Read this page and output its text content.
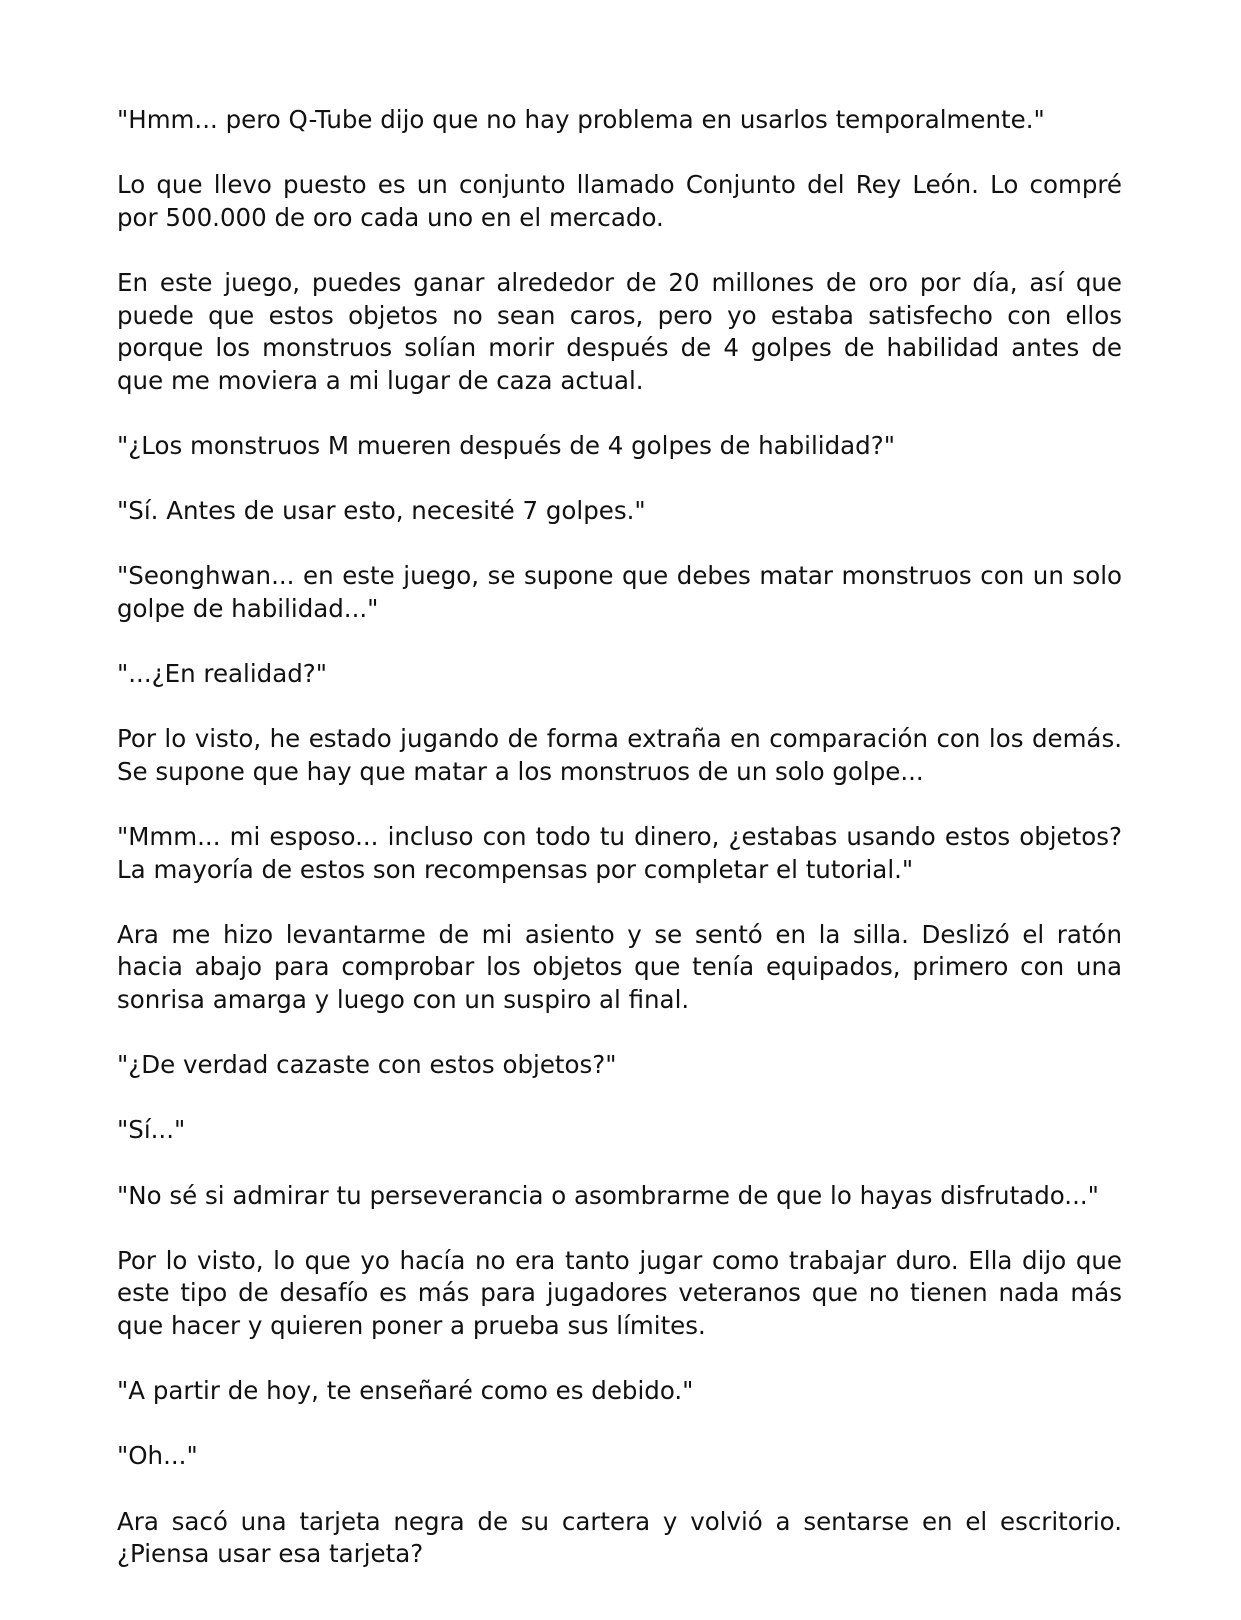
"Hmm... pero Q-Tube dijo que no hay problema en usarlos temporalmente."

Lo que llevo puesto es un conjunto llamado Conjunto del Rey León. Lo compré por 500.000 de oro cada uno en el mercado.

En este juego, puedes ganar alrededor de 20 millones de oro por día, así que puede que estos objetos no sean caros, pero yo estaba satisfecho con ellos porque los monstruos solían morir después de 4 golpes de habilidad antes de que me moviera a mi lugar de caza actual.

"¿Los monstruos M mueren después de 4 golpes de habilidad?"

"Sí. Antes de usar esto, necesité 7 golpes."

"Seonghwan... en este juego, se supone que debes matar monstruos con un solo golpe de habilidad..."

"...¿En realidad?"

Por lo visto, he estado jugando de forma extraña en comparación con los demás. Se supone que hay que matar a los monstruos de un solo golpe...

"Mmm... mi esposo... incluso con todo tu dinero, ¿estabas usando estos objetos? La mayoría de estos son recompensas por completar el tutorial."

Ara me hizo levantarme de mi asiento y se sentó en la silla. Deslizó el ratón hacia abajo para comprobar los objetos que tenía equipados, primero con una sonrisa amarga y luego con un suspiro al final.

"¿De verdad cazaste con estos objetos?"

"Sí..."

"No sé si admirar tu perseverancia o asombrarme de que lo hayas disfrutado..."

Por lo visto, lo que yo hacía no era tanto jugar como trabajar duro. Ella dijo que este tipo de desafío es más para jugadores veteranos que no tienen nada más que hacer y quieren poner a prueba sus límites.

"A partir de hoy, te enseñaré como es debido."

"Oh..."

Ara sacó una tarjeta negra de su cartera y volvió a sentarse en el escritorio. ¿Piensa usar esa tarjeta?
